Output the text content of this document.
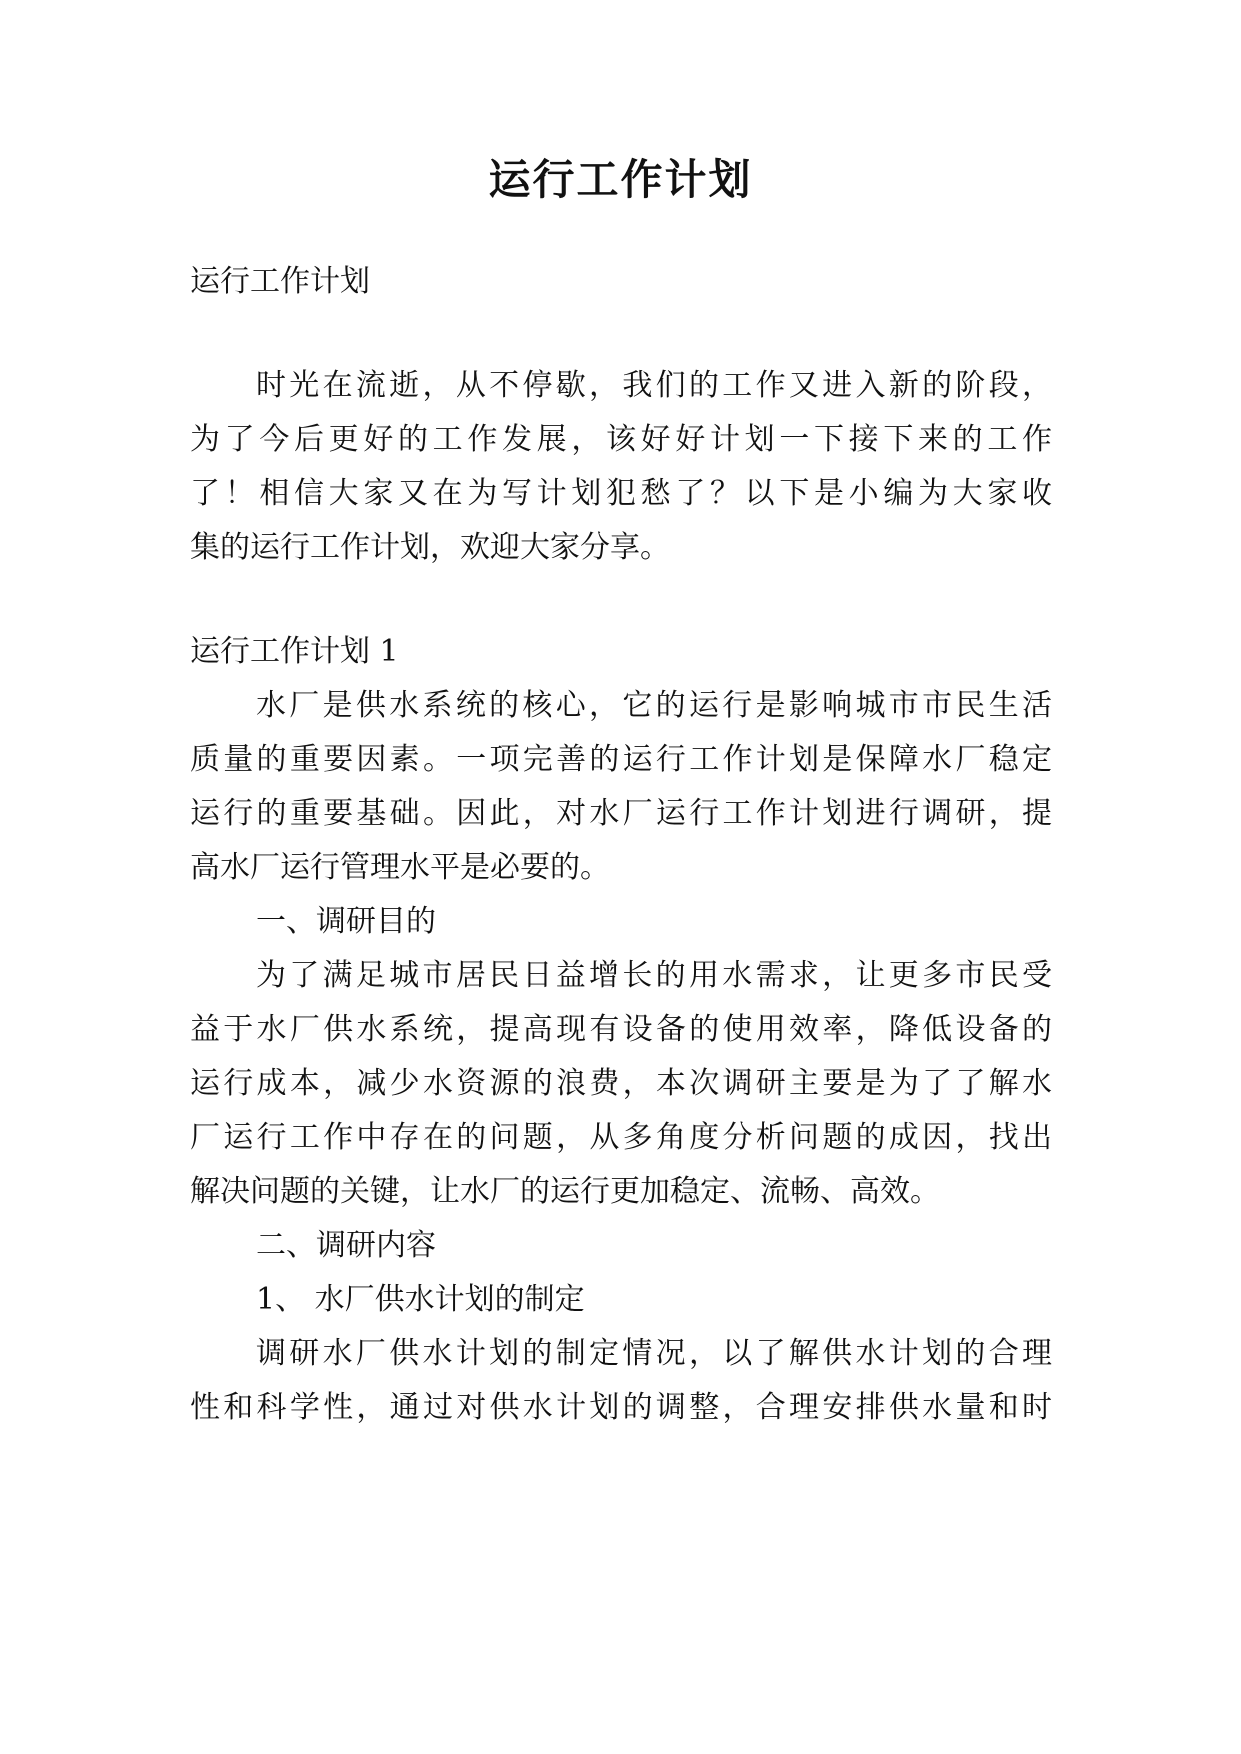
运行工作计划
运行工作计划
时光在流逝，从不停歇，我们的工作又进入新的阶段，
为了今后更好的工作发展，该好好计划一下接下来的工作
了！相信大家又在为写计划犯愁了？以下是小编为大家收
集的运行工作计划，欢迎大家分享。
运行工作计划 1
水厂是供水系统的核心，它的运行是影响城市市民生活
质量的重要因素。一项完善的运行工作计划是保障水厂稳定
运行的重要基础。因此，对水厂运行工作计划进行调研，提
高水厂运行管理水平是必要的。
一、调研目的
为了满足城市居民日益增长的用水需求，让更多市民受
益于水厂供水系统，提高现有设备的使用效率，降低设备的
运行成本，减少水资源的浪费，本次调研主要是为了了解水
厂运行工作中存在的问题，从多角度分析问题的成因，找出
解决问题的关键，让水厂的运行更加稳定、流畅、高效。
二、调研内容
1、 水厂供水计划的制定
调研水厂供水计划的制定情况，以了解供水计划的合理
性和科学性，通过对供水计划的调整，合理安排供水量和时
